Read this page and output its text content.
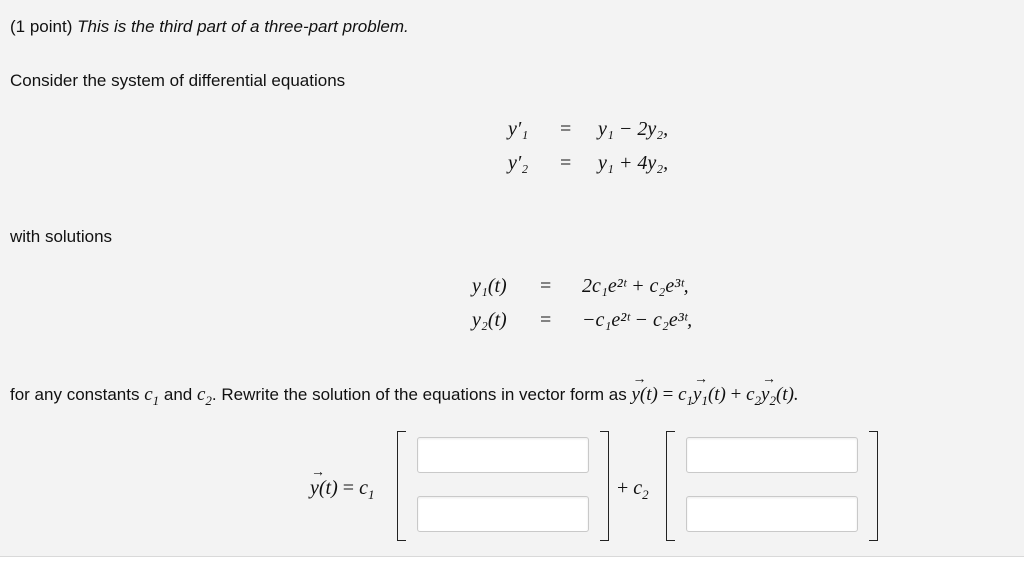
(1 point) This is the third part of a three-part problem.
Consider the system of differential equations
y′₁ = y₁ − 2y₂,
y′₂ = y₁ + 4y₂,
with solutions
y₁(t) = 2c₁e²ᵗ + c₂e³ᵗ,
y₂(t) = −c₁e²ᵗ − c₂e³ᵗ,
for any constants $c_1$ and $c_2$. Rewrite the solution of the equations in vector form as y
→
$(t) = c_1y$
→
$_1(t) + c_2y$
→
$_2$(t).
y
→
$(t) = c_1$	+ $c_2$
